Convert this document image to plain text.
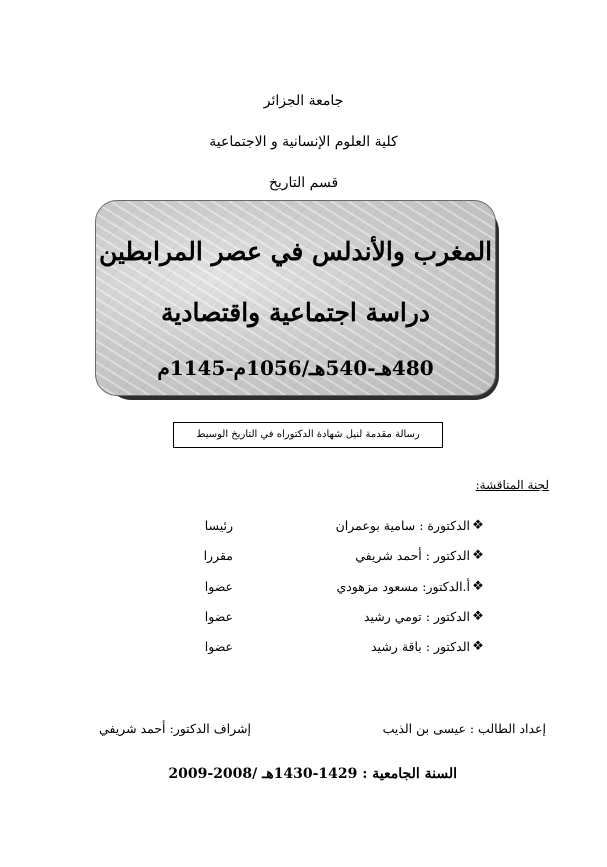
جامعة الجزائر
كلية العلوم الإنسانية و الاجتماعية
قسم التاريخ
المغرب والأندلس في عصر المرابطين
دراسة اجتماعية واقتصادية
480هـ-540هـ/1056م-1145م
رسالة مقدمة لنيل شهادة الدكتوراه في التاريخ الوسيط
لجنة المناقشة:
❖
الدكتورة : سامية بوعمران
رئيسا
❖
الدكتور : أحمد شريفي
مقررا
❖
أ.الدكتور: مسعود مزهودي
عضوا
❖
الدكتور : تومي رشيد
عضوا
❖
الدكتور : باقة رشيد
عضوا
إعداد الطالب : عيسى بن الذيب
إشراف الدكتور: أحمد شريفي
السنة الجامعية : 1429-1430هـ /2008-2009
